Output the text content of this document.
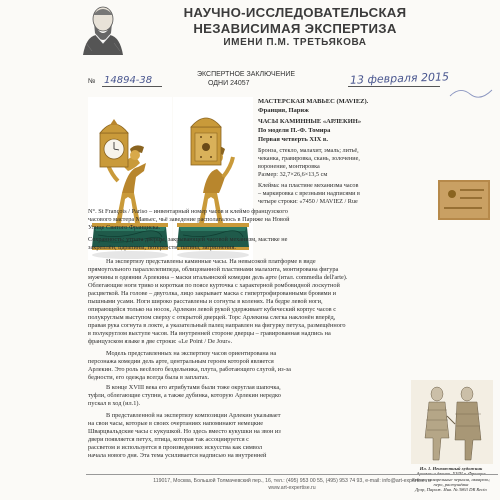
НАУЧНО-ИССЛЕДОВАТЕЛЬСКАЯ
НЕЗАВИСИМАЯ ЭКСПЕРТИЗА
ИМЕНИ П.М. ТРЕТЬЯКОВА
ЭКСПЕРТНОЕ ЗАКЛЮЧЕНИЕ
ОДНИ 24057
№ 14894-38	13 февраля 2015
МАСТЕРСКАЯ МАВЬЕС (MAVIEZ).
Франция, Париж
ЧАСЫ КАМИННЫЕ «АРЛЕКИН»
По модели П.-Ф. Томира
Первая четверть XIX в.
Бронза, стекло, малахит, эмаль; литьё,
чеканка, гравировка, скань, золочение,
воронение, монтировка
Размер: 32,7×26,6×13,5 см
Клейма: на пластине механизма часов
– маркировка с врезными надписями в
четыре строки: «7450 / MAVIEZ / Rue
N°. St François / Pariso – инвентарный номер часов и клеймо французского
часового мастера Мавьес, чьё заведение располагалось в Париже на Новой
Улице Святого Франциска.
Сохранность: утрата дверцы, закрывающей часовой механизм, мастике не
закреплён, царапины, потертости, патина, загрязнения.
На экспертизу представлены каминные часы. На невысокой платформе в виде
прямоугольного параллелепипеда, облицованной пластинами малахита, монтирована фигура
мужчины в одеянии Арлекина – маски итальянской комедии дель арте (итал. commedia dell'arte).
Облегающие ноги трико и короткая по поясе курточка с характерной ромбовидной лоскутной
расцветкой. На голове – двуголка, лицо закрывает маска с гипертрофированными бровями и
пышными усами. Ноги широко расставлены и согнуты в коленях. На бедре левой ноги,
опирающейся только на носок, Арлекин левой рукой удерживает кубический корпус часов с
полукруглым выступом сверху с открытой дверцей. Торс Арлекина слегка наклонён вперёд,
правая рука согнута в локте, а указательный палец направлен на фигурку петуха, размещённого
в полукруглом выступе часов. На внутренней стороне дверцы – гравированная надпись на
французском языке в две строки: «Le Point / De Jour».
Модель представленных на экспертизу часов ориентирована на
персонажа комедии дель арте, центральным героем которой является
Арлекин. Это роль весёлого бездельника, плута, работающего слугой, из-за
бедности, его одежда всегда была в заплатах.
В конце XVIII века его атрибутами были тоже округлая шапочка,
туфли, облегающие ступни, а также дубинка, которую Арлекин нередко
пускал в ход (ил.1).
В представленной на экспертизу композиции Арлекин указывает
на свои часы, которые в своих очертаниях напоминают немецкие
Шварцвальдские часы с кукушкой. Но здесь вместо кукушки на звон из
двери появляется петух, птица, которая так ассоциируется с
рассветом и используется в произведениях искусства как символ
начала нового дня. Эта тема усиливается надписью на внутренней
Ил. 1. Неизвестный художник
Арлекин и дзанни. XVIII в. Франция
Бумага, акварельные чернила, акварель;
перо, растушёвка
Дуэр, Париж. Инв. № 3863 DR Recto
119017, Москва, Большой Толмачевский пер., 16, тел.: (495) 953 00 55, (495) 953 74 93, e-mail: info@art-expertise.ru
www.art-expertise.ru
